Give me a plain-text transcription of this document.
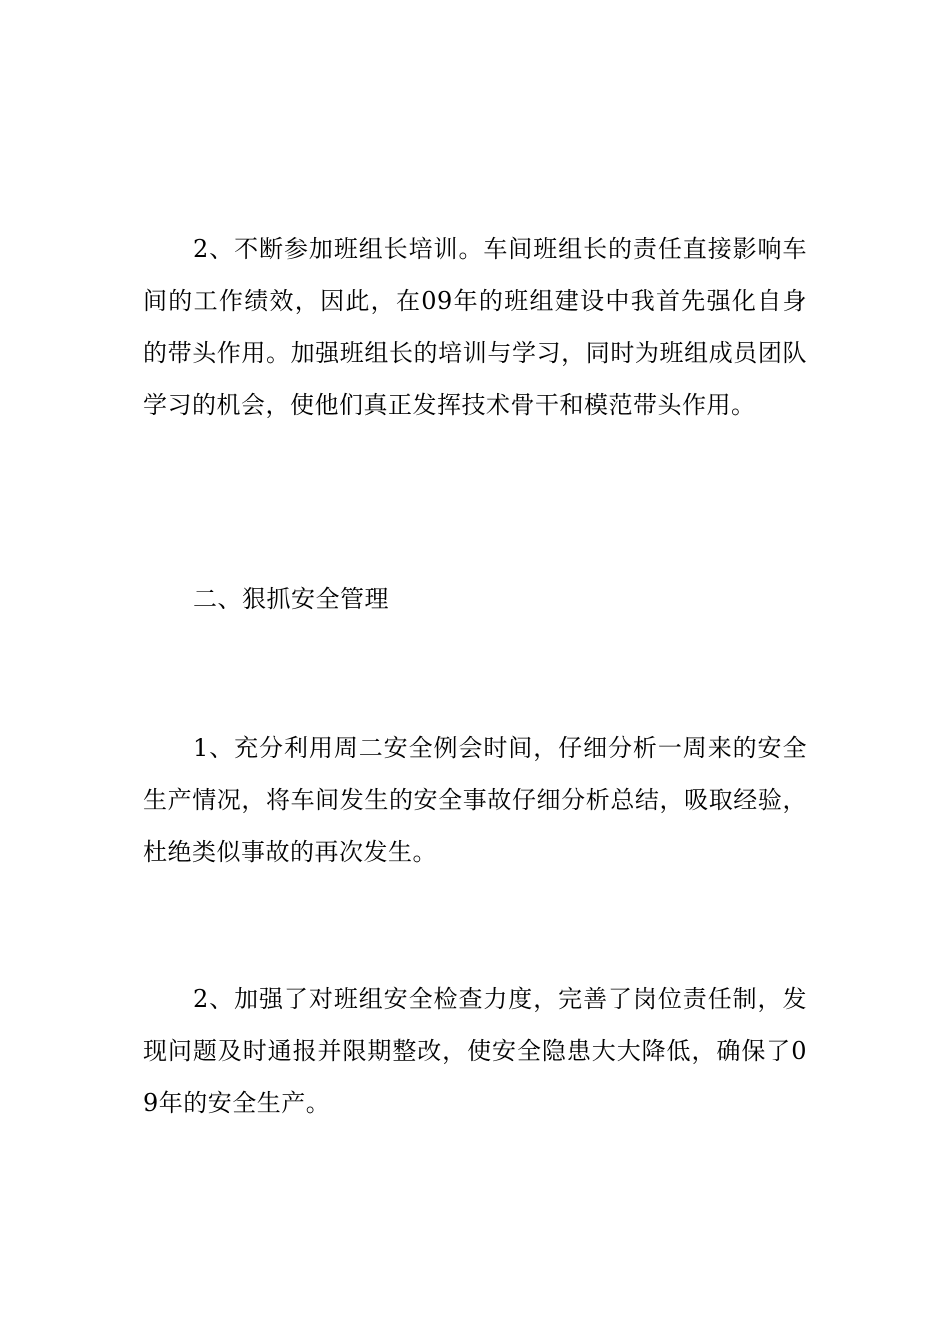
2、不断参加班组长培训。车间班组长的责任直接影响车间的工作绩效，因此，在09年的班组建设中我首先强化自身的带头作用。加强班组长的培训与学习，同时为班组成员团队学习的机会，使他们真正发挥技术骨干和模范带头作用。

二、狠抓安全管理

1、充分利用周二安全例会时间，仔细分析一周来的安全生产情况，将车间发生的安全事故仔细分析总结，吸取经验，杜绝类似事故的再次发生。

2、加强了对班组安全检查力度，完善了岗位责任制，发现问题及时通报并限期整改，使安全隐患大大降低，确保了09年的安全生产。
